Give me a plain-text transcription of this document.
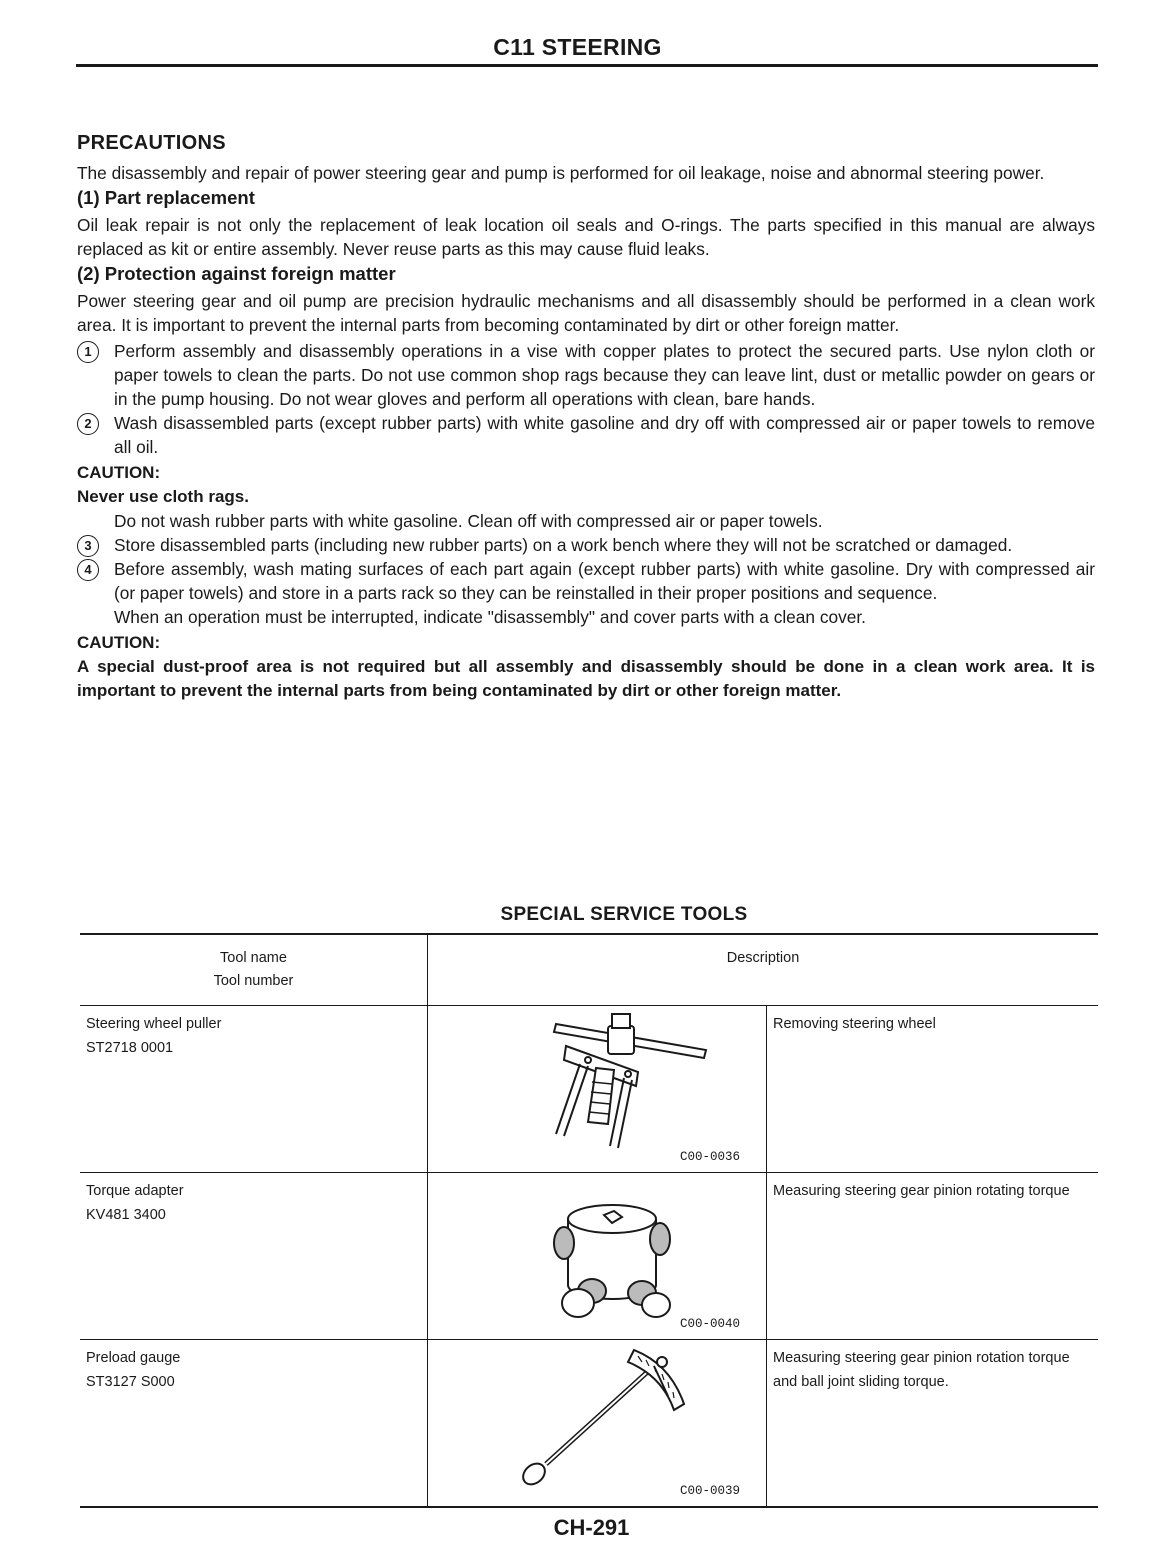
C11 STEERING
PRECAUTIONS
The disassembly and repair of power steering gear and pump is performed for oil leakage, noise and abnormal steering power.
(1) Part replacement
Oil leak repair is not only the replacement of leak location oil seals and O-rings. The parts specified in this manual are always replaced as kit or entire assembly. Never reuse parts as this may cause fluid leaks.
(2) Protection against foreign matter
Power steering gear and oil pump are precision hydraulic mechanisms and all disassembly should be performed in a clean work area. It is important to prevent the internal parts from becoming contaminated by dirt or other foreign matter.
1	Perform assembly and disassembly operations in a vise with copper plates to protect the secured parts. Use nylon cloth or paper towels to clean the parts. Do not use common shop rags because they can leave lint, dust or metallic powder on gears or in the pump housing. Do not wear gloves and perform all operations with clean, bare hands.
2	Wash disassembled parts (except rubber parts) with white gasoline and dry off with compressed air or paper towels to remove all oil.
CAUTION:
Never use cloth rags.
Do not wash rubber parts with white gasoline. Clean off with compressed air or paper towels.
3	Store disassembled parts (including new rubber parts) on a work bench where they will not be scratched or damaged.
4	Before assembly, wash mating surfaces of each part again (except rubber parts) with white gasoline. Dry with compressed air (or paper towels) and store in a parts rack so they can be reinstalled in their proper positions and sequence.
When an operation must be interrupted, indicate "disassembly" and cover parts with a clean cover.
CAUTION:
A special dust-proof area is not required but all assembly and disassembly should be done in a clean work area. It is important to prevent the internal parts from being contaminated by dirt or other foreign matter.
SPECIAL SERVICE TOOLS
Tool name
Tool number	Description	

Steering wheel puller
ST2718 0001	C00-0036	Removing steering wheel

Torque adapter
KV481 3400	C00-0040	Measuring steering gear pinion rotating torque

Preload gauge
ST3127 S000	C00-0039	Measuring steering gear pinion rotation torque and ball joint sliding torque.
CH-291
